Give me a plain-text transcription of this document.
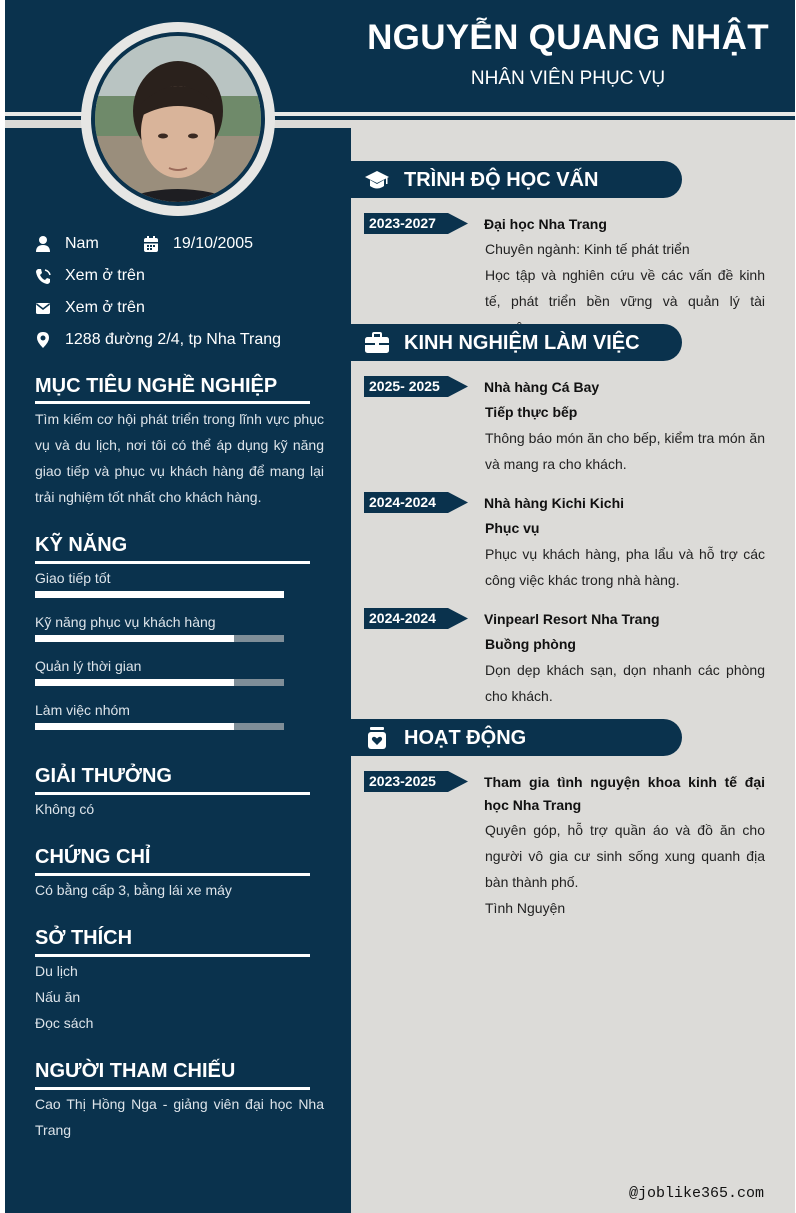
NGUYỄN QUANG NHẬT
NHÂN VIÊN PHỤC VỤ
Nam	19/10/2005
Xem ở trên
Xem ở trên
1288 đường 2/4, tp Nha Trang
MỤC TIÊU NGHỀ NGHIỆP
Tìm kiếm cơ hội phát triển trong lĩnh vực phục vụ và du lịch, nơi tôi có thể áp dụng kỹ năng giao tiếp và phục vụ khách hàng để mang lại trải nghiệm tốt nhất cho khách hàng.
KỸ NĂNG
Giao tiếp tốt
Kỹ năng phục vụ khách hàng
Quản lý thời gian
Làm việc nhóm
GIẢI THƯỞNG
Không có
CHỨNG CHỈ
Có bằng cấp 3, bằng lái xe máy
SỞ THÍCH
Du lịch
Nấu ăn
Đọc sách
NGƯỜI THAM CHIẾU
Cao Thị Hồng Nga - giảng viên đại học Nha Trang
TRÌNH ĐỘ HỌC VẤN
2023-2027	Đại học Nha Trang
Chuyên ngành: Kinh tế phát triển
Học tập và nghiên cứu về các vấn đề kinh tế, phát triển bền vững và quản lý tài
KINH NGHIỆM LÀM VIỆC
2025- 2025	Nhà hàng Cá Bay
Tiếp thực bếp
Thông báo món ăn cho bếp, kiểm tra món ăn và mang ra cho khách.
2024-2024	Nhà hàng Kichi Kichi
Phục vụ
Phục vụ khách hàng, pha lẩu và hỗ trợ các công việc khác trong nhà hàng.
2024-2024	Vinpearl Resort Nha Trang
Buồng phòng
Dọn dẹp khách sạn, dọn nhanh các phòng cho khách.
HOẠT ĐỘNG
2023-2025	Tham gia tình nguyện khoa kinh tế đại học Nha Trang
Quyên góp, hỗ trợ quần áo và đồ ăn cho người vô gia cư sinh sống xung quanh địa bàn thành phố.
Tình Nguyện
@joblike365.com
